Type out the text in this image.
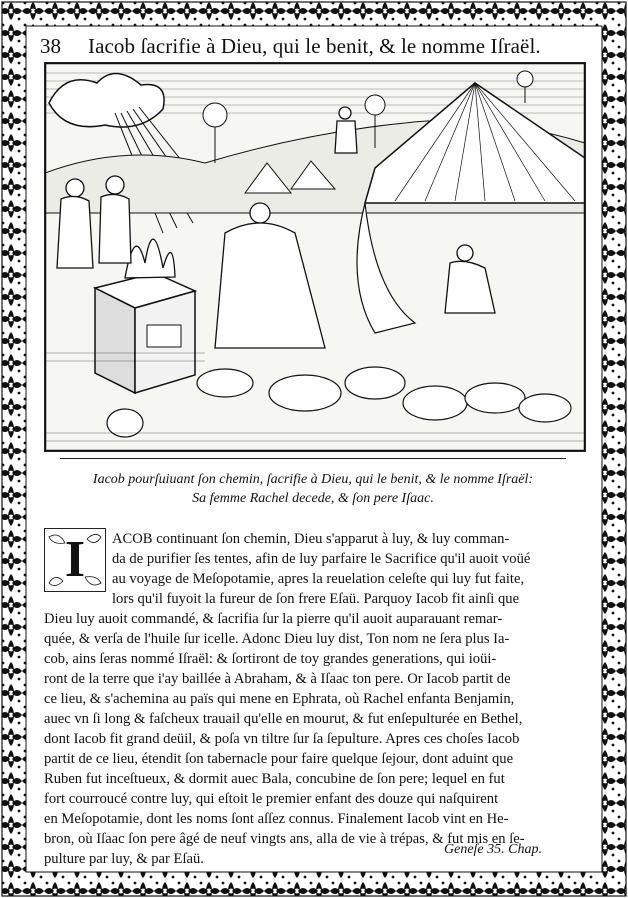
38 Iacob ſacrifie à Dieu, qui le benit, & le nomme Iſraël.
Iacob pourſuiuant ſon chemin, ſacrifie à Dieu, qui le benit, & le nomme Iſraël:
Sa femme Rachel decede, & ſon pere Iſaac.
I	ACOB continuant ſon chemin, Dieu s'apparut à luy, & luy comman-
da de purifier ſes tentes, afin de luy parfaire le Sacrifice qu'il auoit voüé
au voyage de Meſopotamie, apres la reuelation celeſte qui luy fut faite,
lors qu'il fuyoit la fureur de ſon frere Eſaü. Parquoy Iacob fit ainſi que
Dieu luy auoit commandé, & ſacrifia ſur la pierre qu'il auoit auparauant remar-
quée, & verſa de l'huile ſur icelle. Adonc Dieu luy dist, Ton nom ne ſera plus Ia-
cob, ains ſeras nommé Iſraël: & ſortiront de toy grandes generations, qui ioüi-
ront de la terre que i'ay baillée à Abraham, & à Iſaac ton pere. Or Iacob partit de
ce lieu, & s'achemina au païs qui mene en Ephrata, où Rachel enfanta Benjamin,
auec vn ſi long & faſcheux trauail qu'elle en mourut, & fut enſepulturée en Bethel,
dont Iacob fit grand deüil, & poſa vn tiltre ſur ſa ſepulture. Apres ces choſes Iacob
partit de ce lieu, étendit ſon tabernacle pour faire quelque ſejour, dont aduint que
Ruben fut inceſtueux, & dormit auec Bala, concubine de ſon pere; lequel en fut
fort courroucé contre luy, qui eſtoit le premier enfant des douze qui naſquirent
en Meſopotamie, dont les noms ſont aſſez connus. Finalement Iacob vint en He-
bron, où Iſaac ſon pere âgé de neuf vingts ans, alla de vie à trépas, & fut mis en ſe-
pulture par luy, & par Eſaü.
Geneſe 35. Chap.
